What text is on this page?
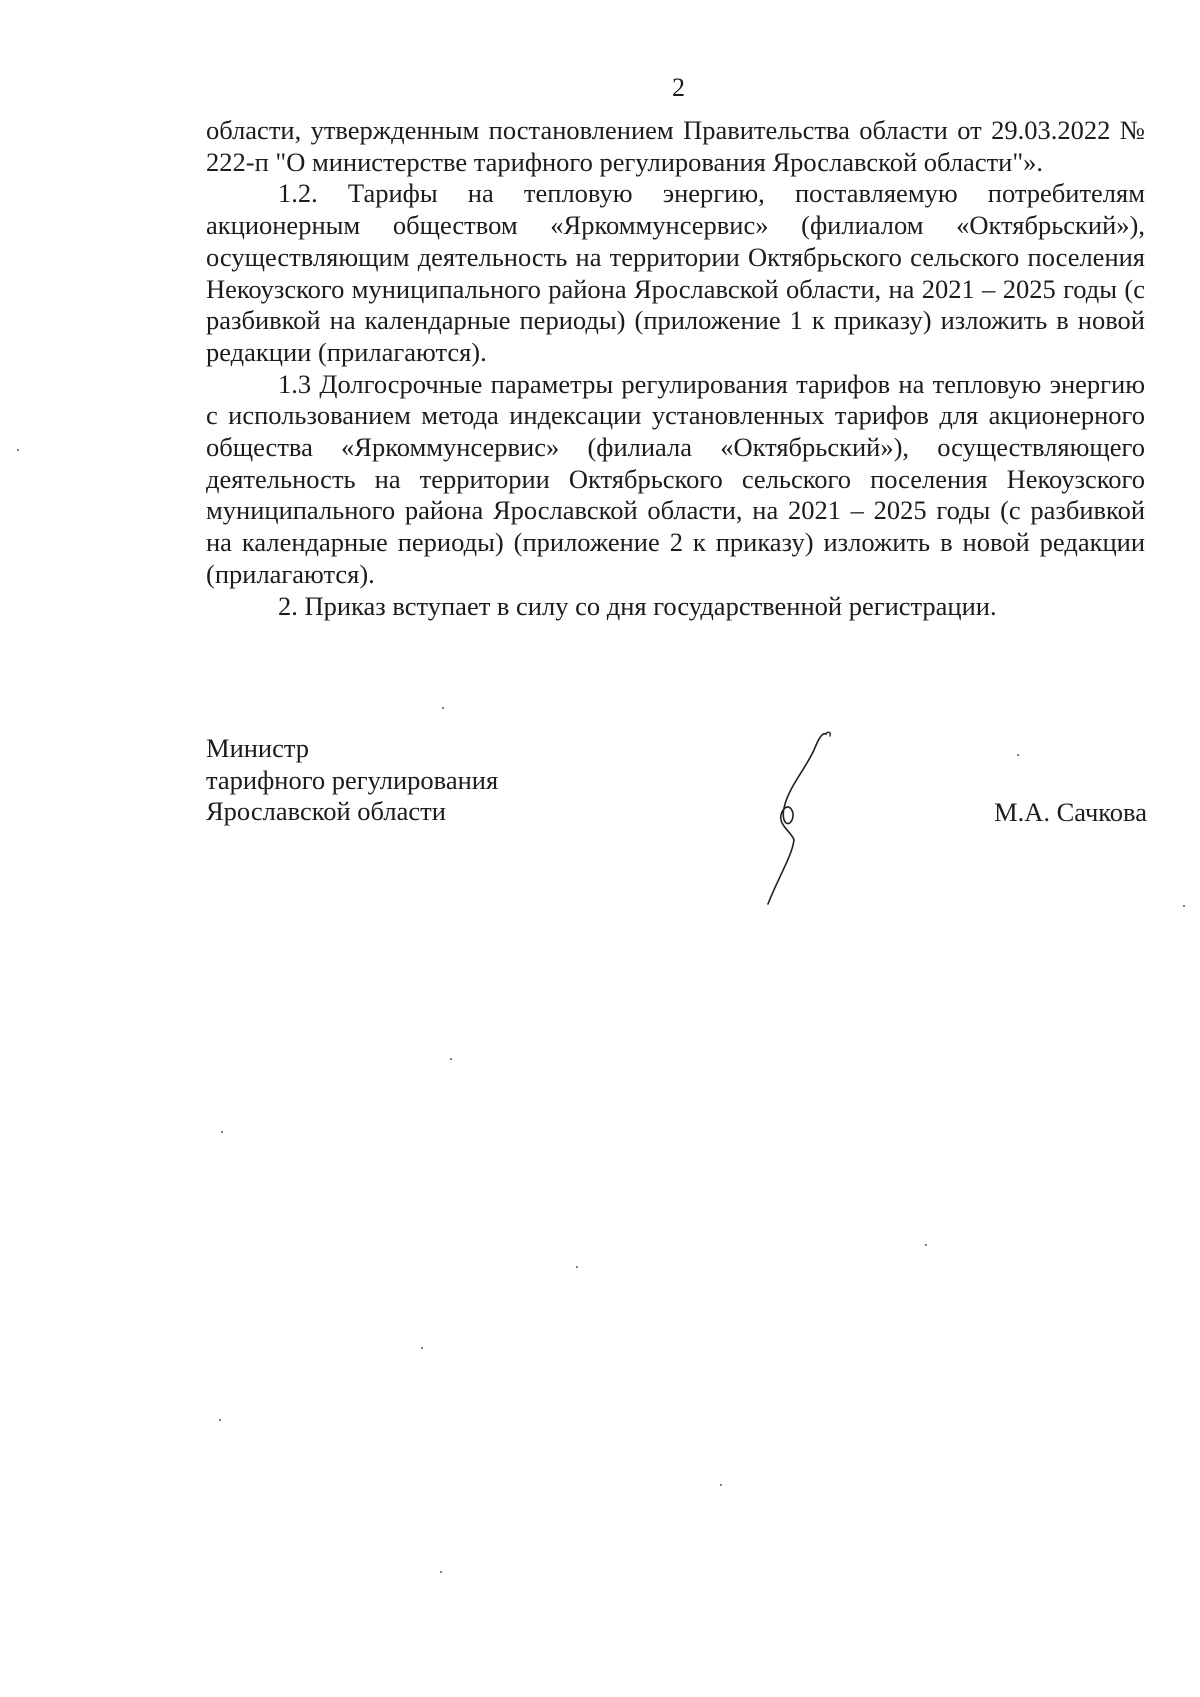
2

области, утвержденным постановлением Правительства области от 29.03.2022 № 222-п "О министерстве тарифного регулирования Ярославской области"».

1.2. Тарифы на тепловую энергию, поставляемую потребителям акционерным обществом «Яркоммунсервис» (филиалом «Октябрьский»), осуществляющим деятельность на территории Октябрьского сельского поселения Некоузского муниципального района Ярославской области, на 2021 – 2025 годы (с разбивкой на календарные периоды) (приложение 1 к приказу) изложить в новой редакции (прилагаются).

1.3 Долгосрочные параметры регулирования тарифов на тепловую энергию с использованием метода индексации установленных тарифов для акционерного общества «Яркоммунсервис» (филиала «Октябрьский»), осуществляющего деятельность на территории Октябрьского сельского поселения Некоузского муниципального района Ярославской области, на 2021 – 2025 годы (с разбивкой на календарные периоды) (приложение 2 к приказу) изложить в новой редакции (прилагаются).

2. Приказ вступает в силу со дня государственной регистрации.

Министр
тарифного регулирования
Ярославской области	М.А. Сачкова
